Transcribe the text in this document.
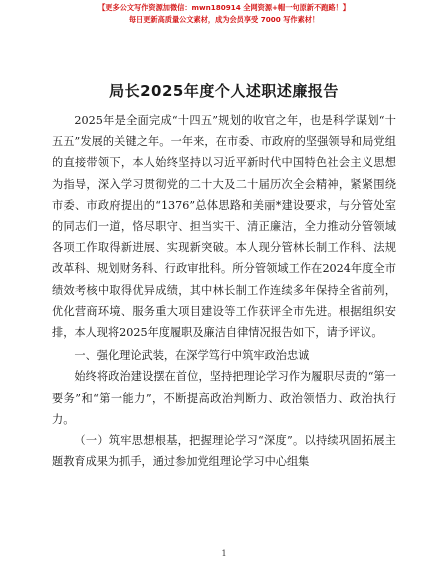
【更多公文写作资源加微信：mwn180914 全网资源+帽一句原新不跑路！】
每日更新高质量公文素材，成为会员享受 7000 写作素材！
局长2025年度个人述职述廉报告

2025年是全面完成“十四五”规划的收官之年，也是科学谋划“十五五”发展的关键之年。一年来，在市委、市政府的坚强领导和局党组的直接带领下，本人始终坚持以习近平新时代中国特色社会主义思想为指导，深入学习贯彻党的二十大及二十届历次全会精神，紧紧围绕市委、市政府提出的“1376”总体思路和美丽*建设要求，与分管处室的同志们一道，恪尽职守、担当实干、清正廉洁，全力推动分管领域各项工作取得新进展、实现新突破。本人现分管林长制工作科、法规改革科、规划财务科、行政审批科。所分管领域工作在2024年度全市绩效考核中取得优异成绩，其中林长制工作连续多年保持全省前列，优化营商环境、服务重大项目建设等工作获评全市先进。根据组织安排，本人现将2025年度履职及廉洁自律情况报告如下，请予评议。

一、强化理论武装，在深学笃行中筑牢政治忠诚

始终将政治建设摆在首位，坚持把理论学习作为履职尽责的“第一要务”和“第一能力”，不断提高政治判断力、政治领悟力、政治执行力。

（一）筑牢思想根基，把握理论学习“深度”。以持续巩固拓展主题教育成果为抓手，通过参加党组理论学习中心组集

1
